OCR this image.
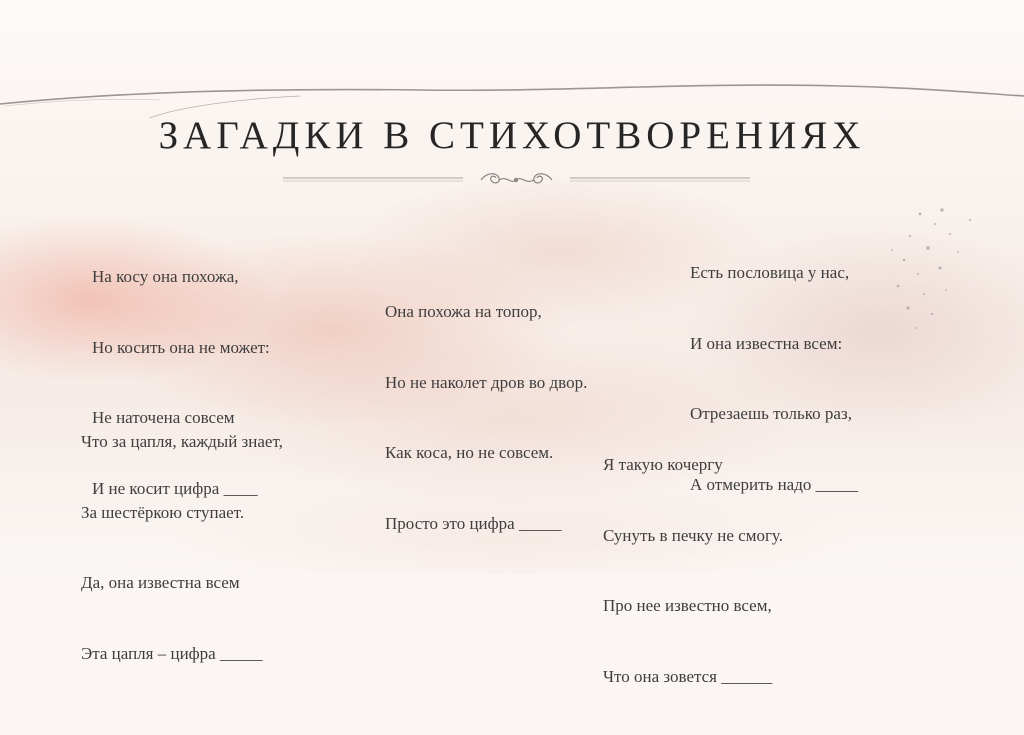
ЗАГАДКИ В СТИХОТВОРЕНИЯХ

На косу она похожа,

Но косить она не может:

Не наточена совсем

И не косит цифра ____

Она похожа на топор,

Но не наколет дров во двор.

Как коса, но не совсем.

Просто это цифра _____

Есть пословица у нас,

И она известна всем:

Отрезаешь только раз,

А отмерить надо _____

Что за цапля, каждый знает,

За шестёркою ступает.

Да, она известна всем

Эта цапля – цифра _____

Я такую кочергу

Сунуть в печку не смогу.

Про нее известно всем,

Что она зовется ______
